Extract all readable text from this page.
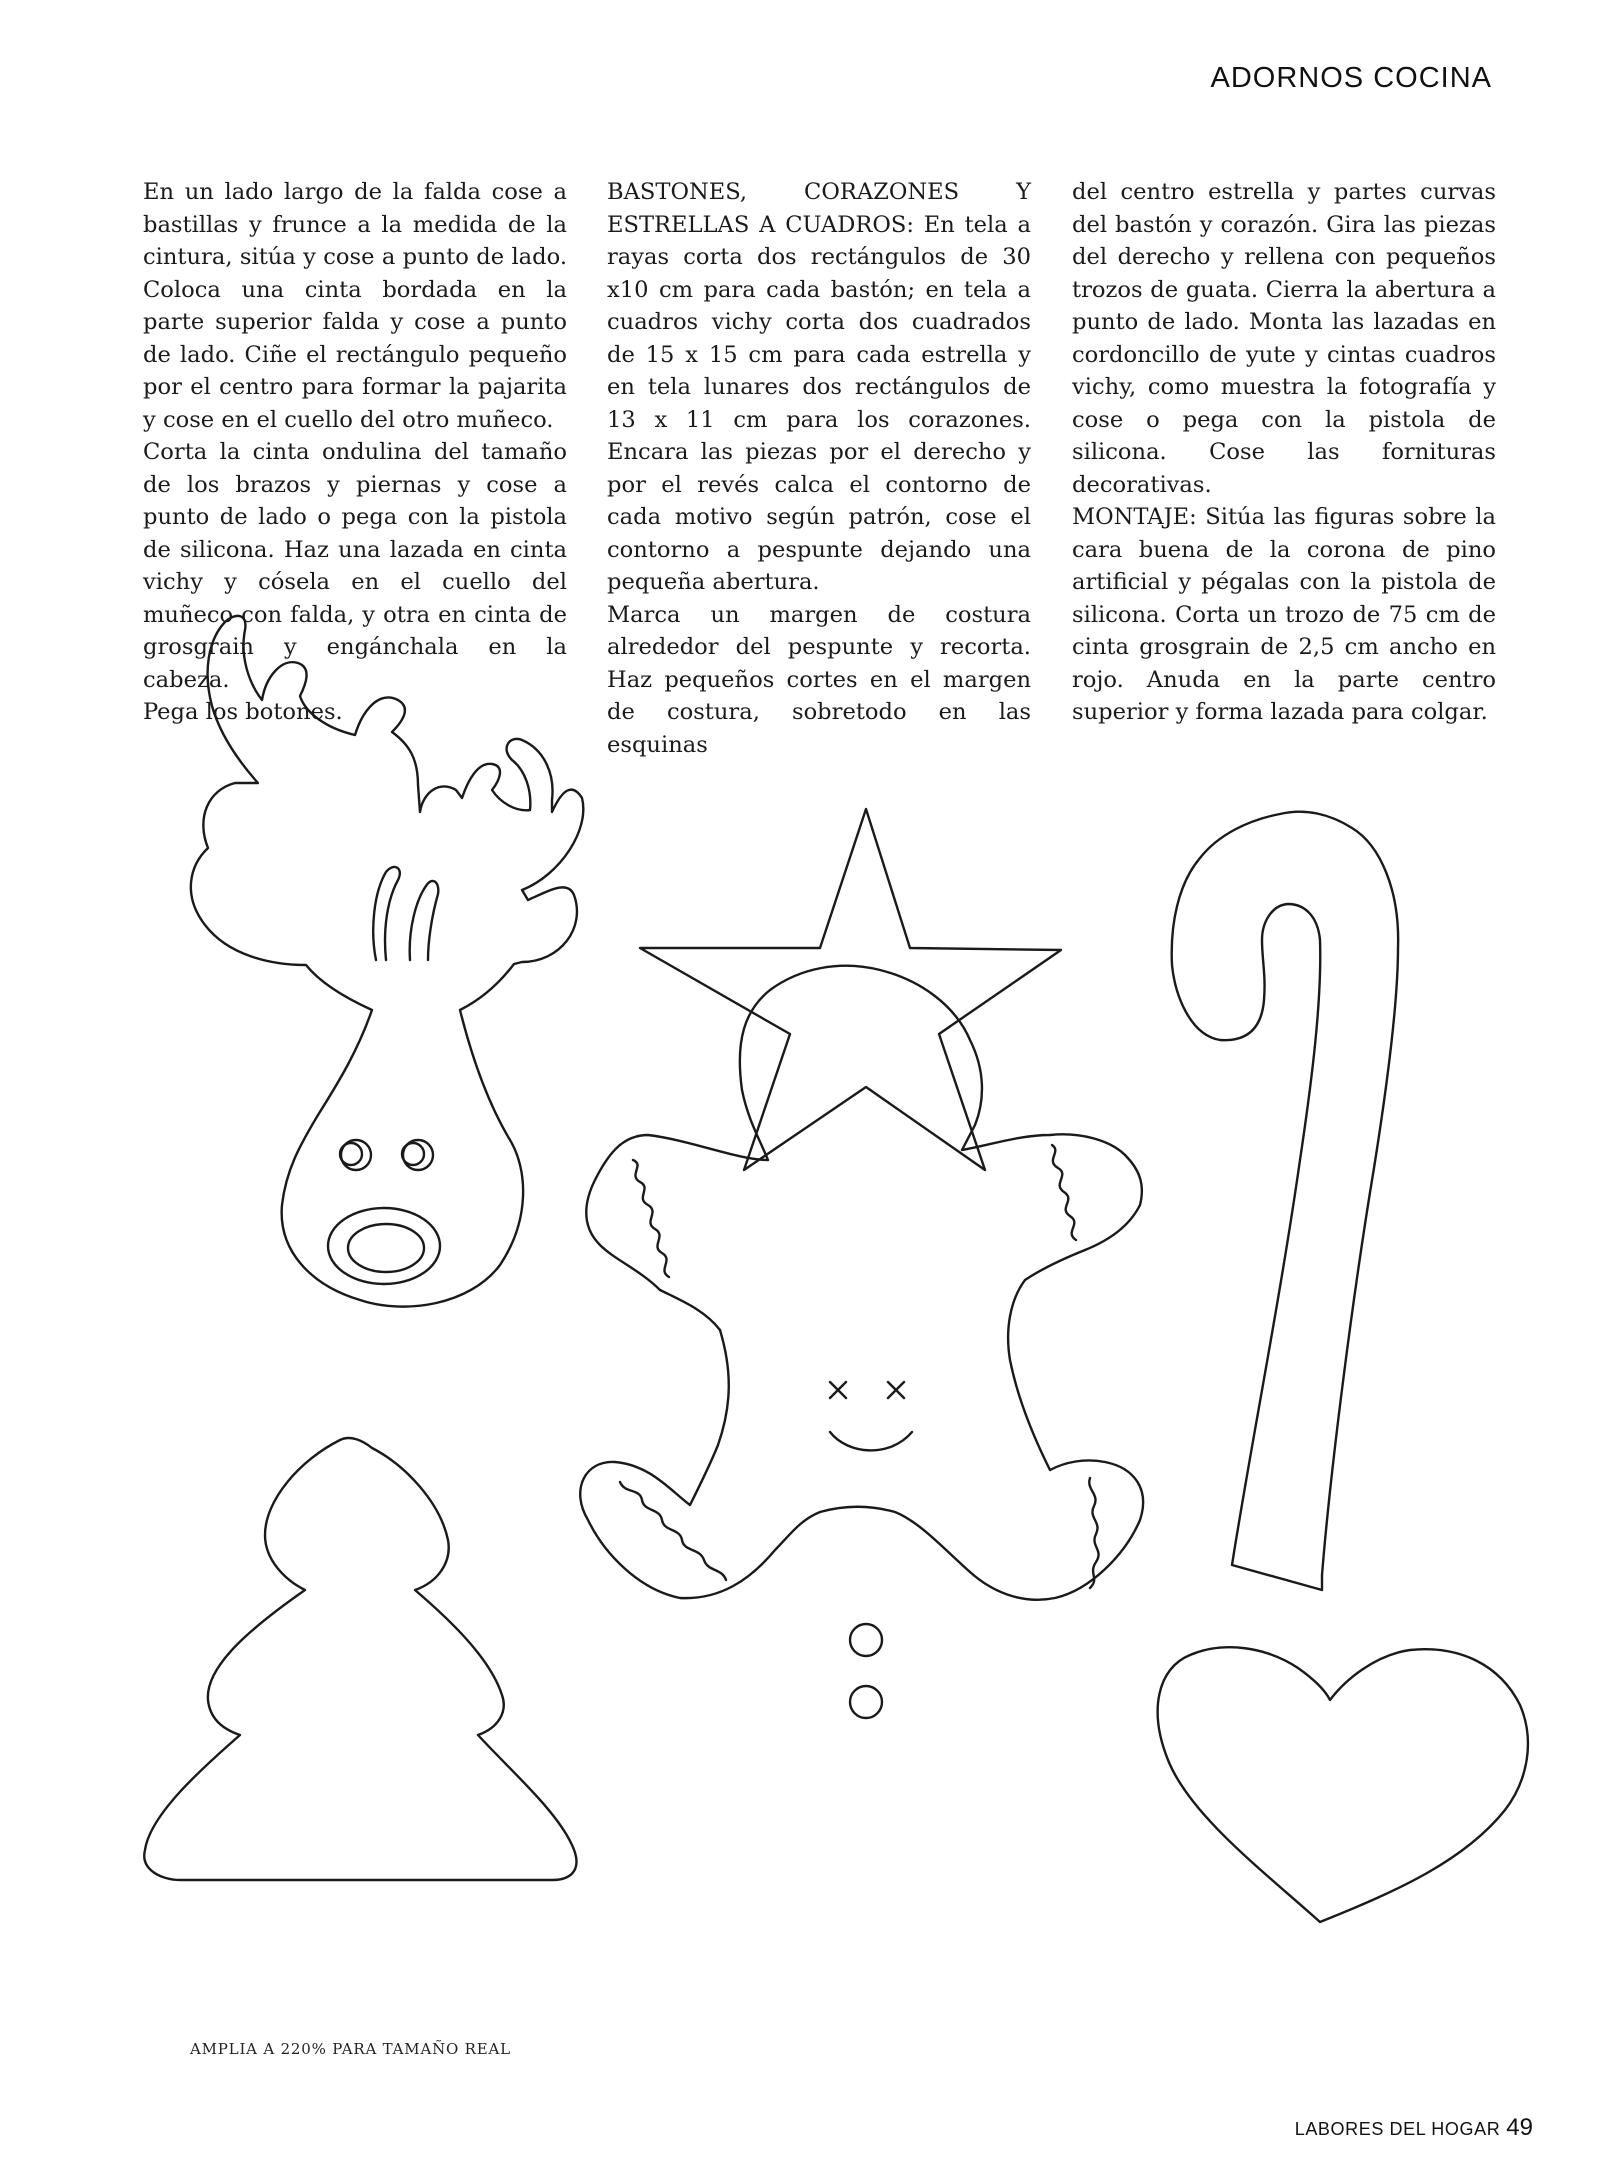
ADORNOS COCINA

En un lado largo de la falda cose a bastillas y frunce a la medida de la cintura, sitúa y cose a punto de lado. Coloca una cinta bordada en la parte superior falda y cose a punto de lado. Ciñe el rectángulo pequeño por el centro para formar la pajarita y cose en el cuello del otro muñeco.

Corta la cinta ondulina del tamaño de los brazos y piernas y cose a punto de lado o pega con la pistola de silicona. Haz una lazada en cinta vichy y cósela en el cuello del muñeco con falda, y otra en cinta de grosgrain y engánchala en la cabeza.

Pega los botones.

BASTONES, CORAZONES Y ESTRELLAS A CUADROS: En tela a rayas corta dos rectángulos de 30 x10 cm para cada bastón; en tela a cuadros vichy corta dos cuadrados de 15 x 15 cm para cada estrella y en tela lunares dos rectángulos de 13 x 11 cm para los corazones. Encara las piezas por el derecho y por el revés calca el contorno de cada motivo según patrón, cose el contorno a pespunte dejando una pequeña abertura.

Marca un margen de costura alrededor del pespunte y recorta. Haz pequeños cortes en el margen de costura, sobretodo en las esquinas

del centro estrella y partes curvas del bastón y corazón. Gira las piezas del derecho y rellena con pequeños trozos de guata. Cierra la abertura a punto de lado. Monta las lazadas en cordoncillo de yute y cintas cuadros vichy, como muestra la fotografía y cose o pega con la pistola de silicona. Cose las fornituras decorativas.

MONTAJE: Sitúa las figuras sobre la cara buena de la corona de pino artificial y pégalas con la pistola de silicona. Corta un trozo de 75 cm de cinta grosgrain de 2,5 cm ancho en rojo. Anuda en la parte centro superior y forma lazada para colgar.

AMPLIA A 220% PARA TAMAÑO REAL
LABORES DEL HOGAR 49
